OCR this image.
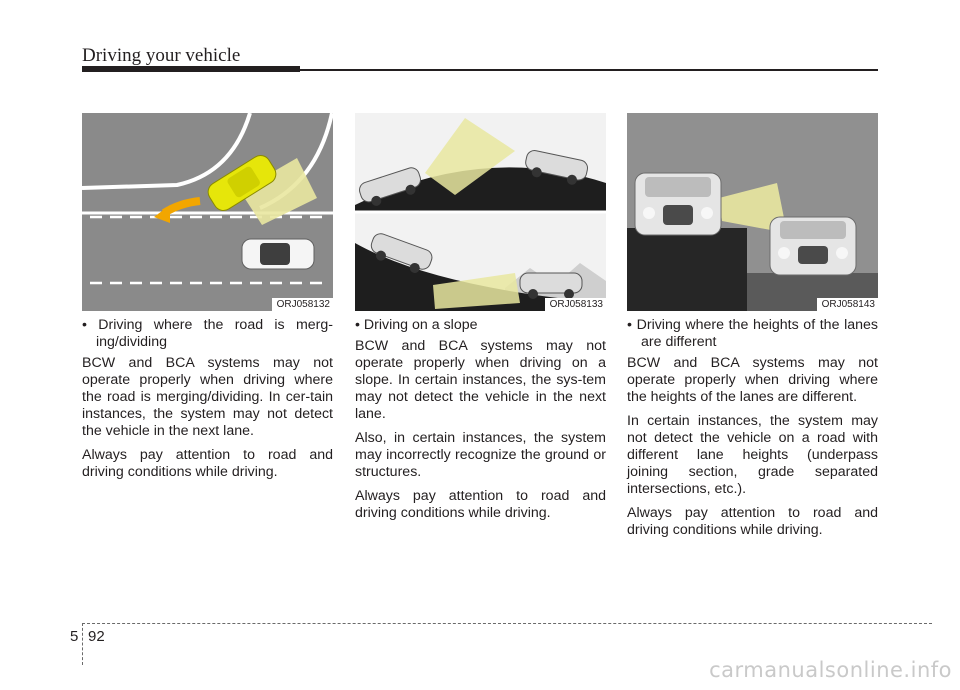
Driving your vehicle
ORJ058132

• Driving where the road is merg-ing/dividing

BCW and BCA systems may not operate properly when driving where the road is merging/dividing. In cer-tain instances, the system may not detect the vehicle in the next lane.

Always pay attention to road and driving conditions while driving.

ORJ058133

• Driving on a slope

BCW and BCA systems may not operate properly when driving on a slope. In certain instances, the sys-tem may not detect the vehicle in the next lane.

Also, in certain instances, the system may incorrectly recognize the ground or structures.

Always pay attention to road and driving conditions while driving.

ORJ058143

• Driving where the heights of the lanes are different

BCW and BCA systems may not operate properly when driving where the heights of the lanes are different.

In certain instances, the system may not detect the vehicle on a road with different lane heights (underpass joining section, grade separated intersections, etc.).

Always pay attention to road and driving conditions while driving.

5 92
carmanualsonline.info
